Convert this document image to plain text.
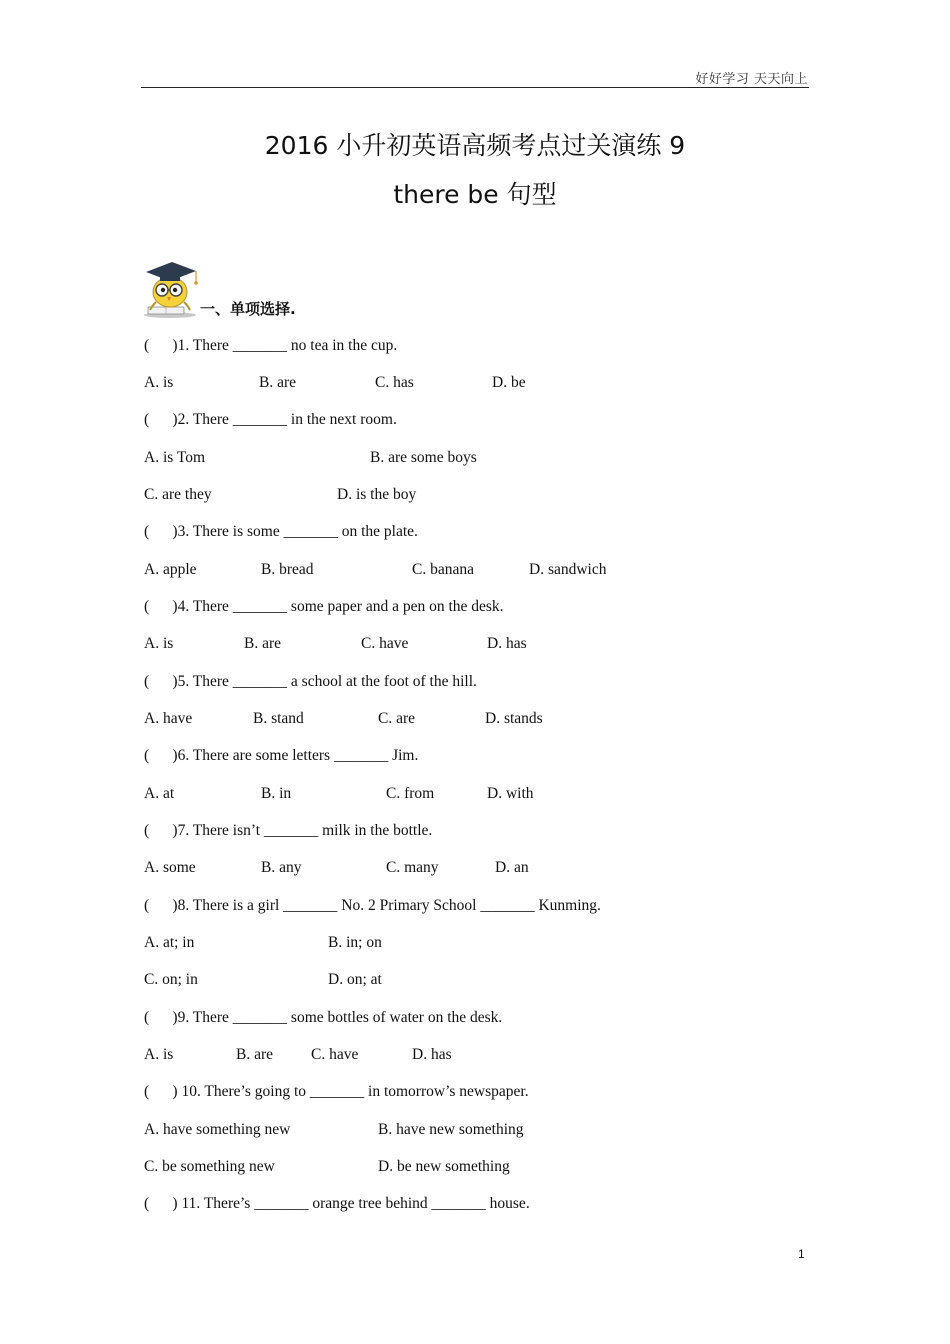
好好学习 天天向上
2016 小升初英语高频考点过关演练 9
there be 句型
一、单项选择.
(      )1. There _______ no tea in the cup.
A. is	B. are	C. has	D. be
(      )2. There _______ in the next room.
A. is Tom	B. are some boys
C. are they	D. is the boy
(      )3. There is some _______ on the plate.
A. apple	B. bread	C. banana	D. sandwich
(      )4. There _______ some paper and a pen on the desk.
A. is	B. are	C. have	D. has
(      )5. There _______ a school at the foot of the hill.
A. have	B. stand	C. are	D. stands
(      )6. There are some letters _______ Jim.
A. at	B. in	C. from	D. with
(      )7. There isn’t _______ milk in the bottle.
A. some	B. any	C. many	D. an
(      )8. There is a girl _______ No. 2 Primary School _______ Kunming.
A. at; in	B. in; on
C. on; in	D. on; at
(      )9. There _______ some bottles of water on the desk.
A. is	B. are C. have	D. has
(      ) 10. There’s going to _______ in tomorrow’s newspaper.
A. have something new	B. have new something
C. be something new	D. be new something
(      ) 11. There’s _______ orange tree behind _______ house.
1
